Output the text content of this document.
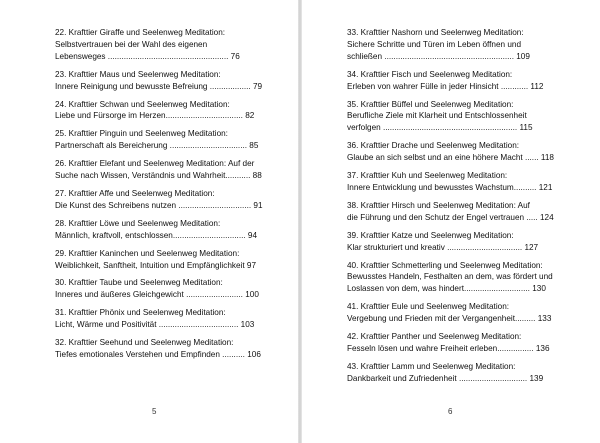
22. Krafttier Giraffe und Seelenweg Meditation:
Selbstvertrauen bei der Wahl des eigenen
Lebensweges ..................................................... 76
23. Krafttier Maus und Seelenweg Meditation:
Innere Reinigung und bewusste Befreiung .................. 79
24. Krafttier Schwan und Seelenweg Meditation:
Liebe und Fürsorge im Herzen.................................. 82
25. Krafttier Pinguin und Seelenweg Meditation:
Partnerschaft als Bereicherung .................................. 85
26. Krafttier Elefant und Seelenweg Meditation: Auf der
Suche nach Wissen, Verständnis und Wahrheit........... 88
27. Krafttier Affe und Seelenweg Meditation:
Die Kunst des Schreibens nutzen ................................ 91
28. Krafttier Löwe und Seelenweg Meditation:
Männlich, kraftvoll, entschlossen................................ 94
29. Krafttier Kaninchen und Seelenweg Meditation:
Weiblichkeit, Sanftheit, Intuition und Empfänglichkeit 97
30. Krafttier Taube und Seelenweg Meditation:
Inneres und äußeres Gleichgewicht ......................... 100
31. Krafttier Phönix und Seelenweg Meditation:
Licht, Wärme und Positivität ................................... 103
32. Krafttier Seehund und Seelenweg Meditation:
Tiefes emotionales Verstehen und Empfinden .......... 106
5
33. Krafttier Nashorn und Seelenweg Meditation:
Sichere Schritte und Türen im Leben öffnen und
schließen ......................................................... 109
34. Krafttier Fisch und Seelenweg Meditation:
Erleben von wahrer Fülle in jeder Hinsicht ............ 112
35. Krafttier Büffel und Seelenweg Meditation:
Berufliche Ziele mit Klarheit und Entschlossenheit
verfolgen ........................................................... 115
36. Krafttier Drache und Seelenweg Meditation:
Glaube an sich selbst und an eine höhere Macht ...... 118
37. Krafttier Kuh und Seelenweg Meditation:
Innere Entwicklung und bewusstes Wachstum.......... 121
38. Krafttier Hirsch und Seelenweg Meditation: Auf
die Führung und den Schutz der Engel vertrauen ..... 124
39. Krafttier Katze und Seelenweg Meditation:
Klar strukturiert und kreativ ................................. 127
40. Krafttier Schmetterling und Seelenweg Meditation:
Bewusstes Handeln, Festhalten an dem, was fördert und
Loslassen von dem, was hindert............................. 130
41. Krafttier Eule und Seelenweg Meditation:
Vergebung und Frieden mit der Vergangenheit......... 133
42. Krafttier Panther und Seelenweg Meditation:
Fesseln lösen und wahre Freiheit erleben................ 136
43. Krafttier Lamm und Seelenweg Meditation:
Dankbarkeit und Zufriedenheit .............................. 139
6
